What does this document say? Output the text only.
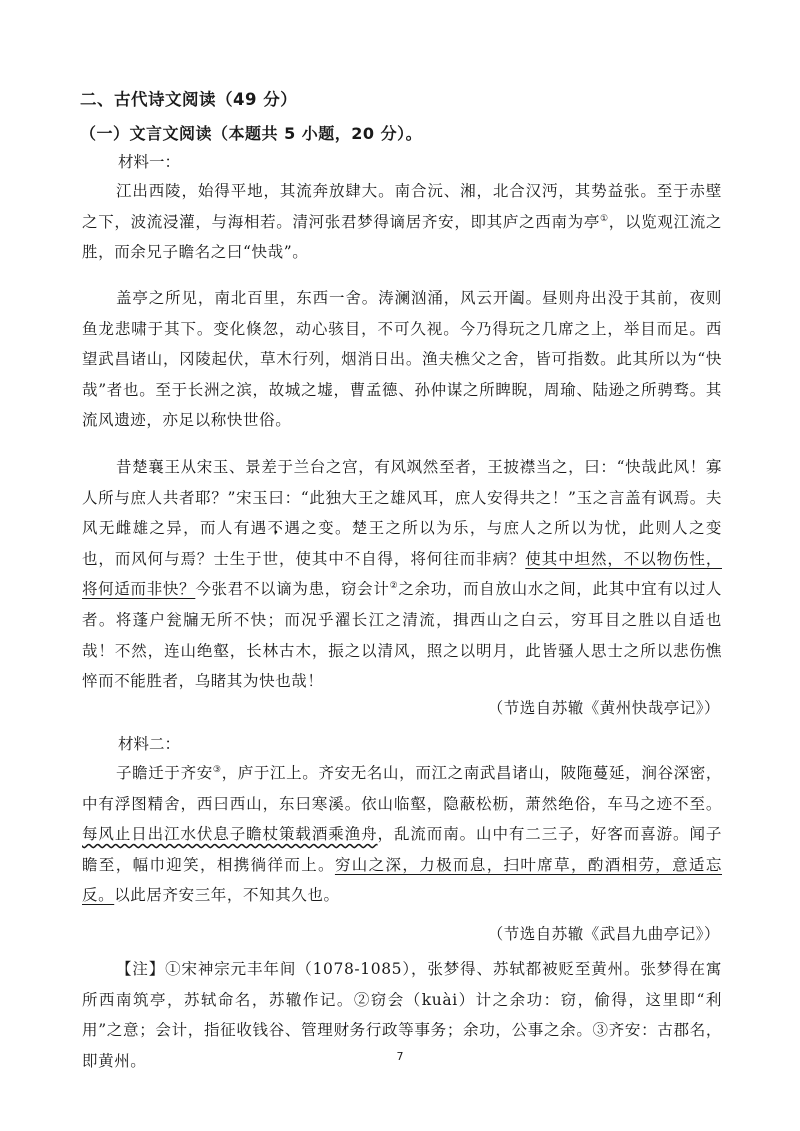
二、古代诗文阅读（49 分）
（一）文言文阅读（本题共 5 小题，20 分）。
材料一：

江出西陵，始得平地，其流奔放肆大。南合沅、湘，北合汉沔，其势益张。至于赤壁之下，波流浸灌，与海相若。清河张君梦得谪居齐安，即其庐之西南为亭①，以览观江流之胜，而余兄子瞻名之曰“快哉”。

盖亭之所见，南北百里，东西一舍。涛澜汹涌，风云开阖。昼则舟出没于其前，夜则鱼龙悲啸于其下。变化倏忽，动心骇目，不可久视。今乃得玩之几席之上，举目而足。西望武昌诸山，冈陵起伏，草木行列，烟消日出。渔夫樵父之舍，皆可指数。此其所以为“快哉”者也。至于长洲之滨，故城之墟，曹孟德、孙仲谋之所睥睨，周瑜、陆逊之所骋骛。其流风遗迹，亦足以称快世俗。

昔楚襄王从宋玉、景差于兰台之宫，有风飒然至者，王披襟当之，曰：“快哉此风！寡人所与庶人共者耶？”宋玉曰：“此独大王之雄风耳，庶人安得共之！”玉之言盖有讽焉。夫风无雌雄之异，而人有遇不遇之变。楚王之所以为乐，与庶人之所以为忧，此则人之变也，而风何与焉？士生于世，使其中不自得，将何往而非病？使其中坦然，不以物伤性，将何适而非快？今张君不以谪为患，窃会计②之余功，而自放山水之间，此其中宜有以过人者。将蓬户瓮牖无所不快；而况乎濯长江之清流，揖西山之白云，穷耳目之胜以自适也哉！不然，连山绝壑，长林古木，振之以清风，照之以明月，此皆骚人思士之所以悲伤憔悴而不能胜者，乌睹其为快也哉！

（节选自苏辙《黄州快哉亭记》）
材料二：

子瞻迁于齐安③，庐于江上。齐安无名山，而江之南武昌诸山，陂陁蔓延，涧谷深密，中有浮图精舍，西曰西山，东曰寒溪。依山临壑，隐蔽松枥，萧然绝俗，车马之迹不至。每风止日出江水伏息子瞻杖策载酒乘渔舟，乱流而南。山中有二三子，好客而喜游。闻子瞻至，幅巾迎笑，相携徜徉而上。穷山之深，力极而息，扫叶席草，酌酒相劳，意适忘反。以此居齐安三年，不知其久也。

（节选自苏辙《武昌九曲亭记》）

【注】①宋神宗元丰年间（1078-1085），张梦得、苏轼都被贬至黄州。张梦得在寓所西南筑亭，苏轼命名，苏辙作记。②窃会（kuài）计之余功：窃，偷得，这里即“利用”之意；会计，指征收钱谷、管理财务行政等事务；余功，公事之余。③齐安：古郡名，即黄州。	7
